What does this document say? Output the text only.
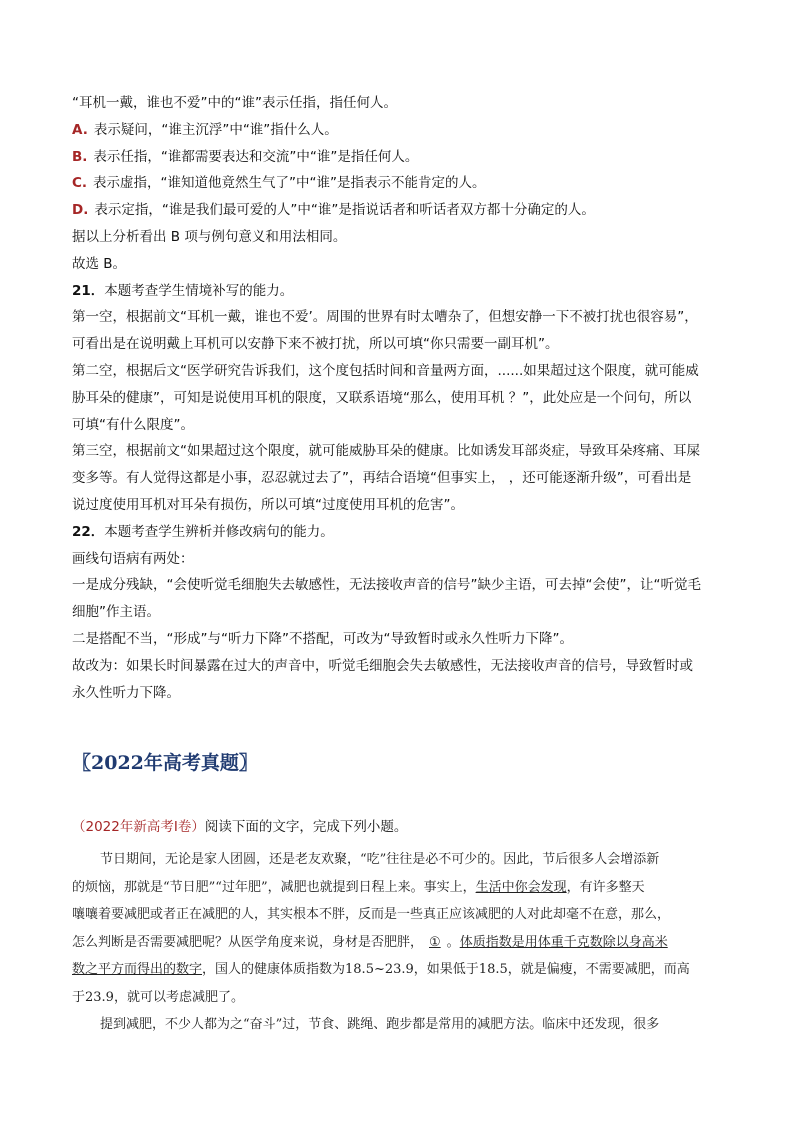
“耳机一戴，谁也不爱”中的“谁”表示任指，指任何人。
A. 表示疑问，“谁主沉浮”中“谁”指什么人。
B. 表示任指，“谁都需要表达和交流”中“谁”是指任何人。
C. 表示虚指，“谁知道他竟然生气了”中“谁”是指表示不能肯定的人。
D. 表示定指，“谁是我们最可爱的人”中“谁”是指说话者和听话者双方都十分确定的人。
据以上分析看出 B 项与例句意义和用法相同。
故选 B。
21．本题考查学生情境补写的能力。
第一空，根据前文“耳机一戴，谁也不爱’。周围的世界有时太嘈杂了，但想安静一下不被打扰也很容易”，
可看出是在说明戴上耳机可以安静下来不被打扰，所以可填“你只需要一副耳机”。
第二空，根据后文“医学研究告诉我们，这个度包括时间和音量两方面，......如果超过这个限度，就可能威
胁耳朵的健康”，可知是说使用耳机的限度，又联系语境“那么，使用耳机 ？”，此处应是一个问句，所以
可填“有什么限度”。
第三空，根据前文“如果超过这个限度，就可能威胁耳朵的健康。比如诱发耳部炎症，导致耳朵疼痛、耳屎
变多等。有人觉得这都是小事，忍忍就过去了”，再结合语境“但事实上， ，还可能逐渐升级”，可看出是
说过度使用耳机对耳朵有损伤，所以可填“过度使用耳机的危害”。
22．本题考查学生辨析并修改病句的能力。
画线句语病有两处：
一是成分残缺，“会使听觉毛细胞失去敏感性，无法接收声音的信号”缺少主语，可去掉“会使”，让“听觉毛
细胞”作主语。
二是搭配不当，“形成”与“听力下降”不搭配，可改为“导致暂时或永久性听力下降”。
故改为：如果长时间暴露在过大的声音中，听觉毛细胞会失去敏感性，无法接收声音的信号，导致暂时或
永久性听力下降。
〖2022年高考真题〗
（2022年新高考Ⅰ卷）阅读下面的文字，完成下列小题。
节日期间，无论是家人团圆，还是老友欢聚，“吃”往往是必不可少的。因此，节后很多人会增添新
的烦恼，那就是“节日肥”“过年肥”，减肥也就提到日程上来。事实上，生活中你会发现，有许多整天
嚷嚷着要减肥或者正在减肥的人，其实根本不胖，反而是一些真正应该减肥的人对此却毫不在意，那么，
怎么判断是否需要减肥呢？从医学角度来说，身材是否肥胖， ① 。体质指数是用体重千克数除以身高米
数之平方而得出的数字，国人的健康体质指数为18.5~23.9，如果低于18.5，就是偏瘦，不需要减肥，而高
于23.9，就可以考虑减肥了。
提到减肥，不少人都为之“奋斗”过，节食、跳绳、跑步都是常用的减肥方法。临床中还发现，很多
